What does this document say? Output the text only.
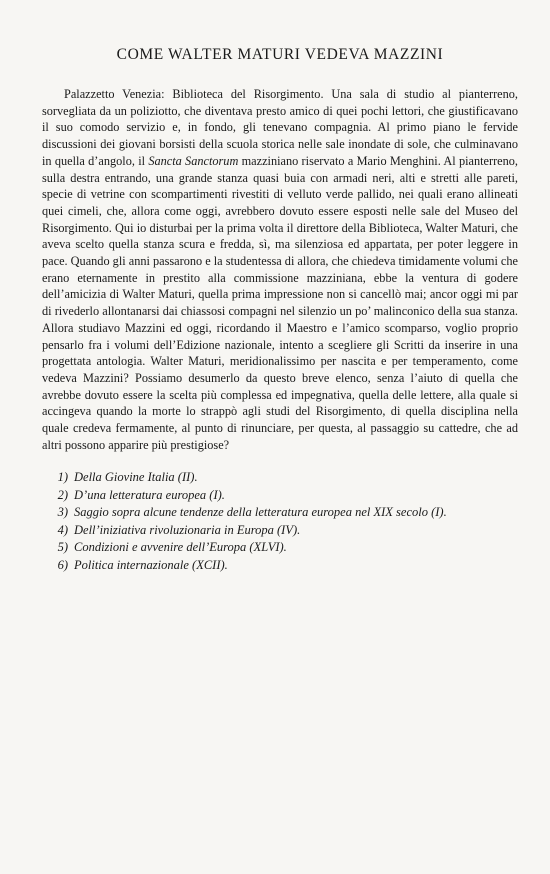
COME WALTER MATURI VEDEVA MAZZINI

Palazzetto Venezia: Biblioteca del Risorgimento. Una sala di studio al pianterreno, sorvegliata da un poliziotto, che diventava presto amico di quei pochi lettori, che giustificavano il suo comodo servizio e, in fondo, gli tenevano compagnia. Al primo piano le fervide discussioni dei giovani borsisti della scuola storica nelle sale inondate di sole, che culminavano in quella d’angolo, il Sancta Sanctorum mazziniano riservato a Mario Menghini. Al pianterreno, sulla destra entrando, una grande stanza quasi buia con armadi neri, alti e stretti alle pareti, specie di vetrine con scompartimenti rivestiti di velluto verde pallido, nei quali erano allineati quei cimeli, che, allora come oggi, avrebbero dovuto essere esposti nelle sale del Museo del Risorgimento. Qui io disturbai per la prima volta il direttore della Biblioteca, Walter Maturi, che aveva scelto quella stanza scura e fredda, sì, ma silenziosa ed appartata, per poter leggere in pace. Quando gli anni passarono e la studentessa di allora, che chiedeva timidamente volumi che erano eternamente in prestito alla commissione mazziniana, ebbe la ventura di godere dell’amicizia di Walter Maturi, quella prima impressione non si cancellò mai; ancor oggi mi par di rivederlo allontanarsi dai chiassosi compagni nel silenzio un po’ malinconico della sua stanza. Allora studiavo Mazzini ed oggi, ricordando il Maestro e l’amico scomparso, voglio proprio pensarlo fra i volumi dell’Edizione nazionale, intento a scegliere gli Scritti da inserire in una progettata antologia. Walter Maturi, meridionalissimo per nascita e per temperamento, come vedeva Mazzini? Possiamo desumerlo da questo breve elenco, senza l’aiuto di quella che avrebbe dovuto essere la scelta più complessa ed impegnativa, quella delle lettere, alla quale si accingeva quando la morte lo strappò agli studi del Risorgimento, di quella disciplina nella quale credeva fermamente, al punto di rinunciare, per questa, al passaggio su cattedre, che ad altri possono apparire più prestigiose?

1) Della Giovine Italia (II).
2) D’una letteratura europea (I).
3) Saggio sopra alcune tendenze della letteratura europea nel XIX secolo (I).
4) Dell’iniziativa rivoluzionaria in Europa (IV).
5) Condizioni e avvenire dell’Europa (XLVI).
6) Politica internazionale (XCII).
